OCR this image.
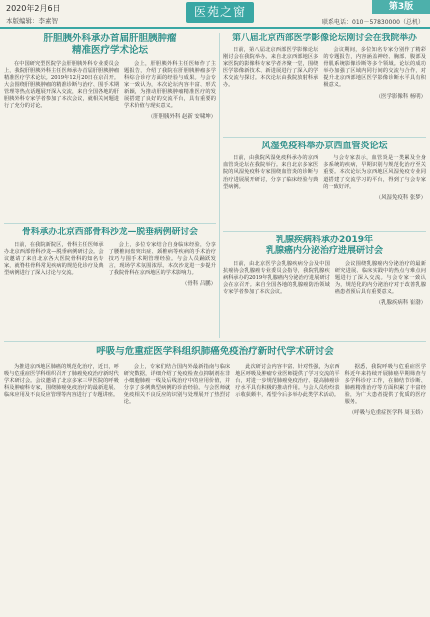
2020年2月6日
本版编辑：李素智
医苑之窗	第3版
联系电话：010－57830000（总机）
肝胆胰外科承办首届肝胆胰肿瘤
精准医疗学术论坛

在中国研究型医院学会肝胆胰外科专业委员会上，我院肝胆胰外科主任医师承办首届肝胆胰肿瘤精准医疗学术论坛。2019年12月20日在京召开。大会围绕肝胆胰肿瘤的精准诊断与治疗、围手术期管理等热点话题展开深入交流，来自全国各地的肝胆胰外科专家学者参加了本次会议，就相关问题进行了充分的讨论。

会上，肝胆胰外科主任医师作了主题报告，介绍了我院在肝胆胰肿瘤多学科综合诊疗方面的经验与成果。与会专家一致认为，本次论坛内容丰富、形式新颖，为推动肝胆胰肿瘤精准医疗的发展搭建了良好的交流平台，具有重要的学术价值与现实意义。

（肝胆胰外科 赵新 安啸坤）
第八届北京西部医学影像论坛刚讨会在我院举办

日前，第八届北京西部医学影像论坛刚讨会在我院举办。来自北京西部地区多家医院的影像科专家学者齐聚一堂，围绕医学影像新技术、新进展进行了深入的学术交流与探讨。本次论坛由我院放射科承办。

会议期间，多位知名专家分别作了精彩的专题报告，内容涵盖神经、胸部、腹部及骨肌系统影像诊断等多个领域。论坛的成功举办加强了区域内同行间的交流与合作，对提升北京西部地区医学影像诊断水平具有积极意义。

（医学影像科 杨明）
风湿免疫科举办京西血管炎论坛

日前，由我院风湿免疫科承办的京西血管炎论坛在我院举行。来自北京多家医院的风湿免疫科专家围绕血管炎的诊断与治疗进展展开研讨，分享了临床经验与典型病例。

与会专家表示，血管炎是一类累及全身多系统的疾病，早期识别与规范化治疗至关重要。本次论坛为京西地区风湿免疫专业同道搭建了交流学习的平台，得到了与会专家的一致好评。

（风湿免疫科 张梦）
骨科承办北京西部骨科沙龙—脱垂病例研讨会

日前，在我院新院区，骨科主任医师承办北京西部骨科沙龙—脱垂病例研讨会。会议邀请了来自北京各大医院骨科的知名专家，就脊柱骨科常见疾病的规范化诊疗及典型病例进行了深入讨论与交流。

会上，多位专家结合自身临床经验，分享了腰椎间盘突出症、颈椎病等疾病的手术治疗技巧与围手术期管理经验。与会人员踊跃发言，现场学术氛围浓厚。本次沙龙进一步提升了我院骨科在京西地区的学术影响力。

（骨科 吕鹏）
乳腺疾病科承办2019年
乳腺癌内分泌治疗进展研讨会

日前，由北京医学会乳腺疾病分会及中国抗癌协会乳腺癌专业委员会指导，我院乳腺疾病科承办的2019年乳腺癌内分泌治疗进展研讨会在京召开。来自全国各地的乳腺癌防治领域专家学者参加了本次会议。

会议围绕乳腺癌内分泌治疗的最新研究进展、临床实践中的热点与难点问题进行了深入交流。与会专家一致认为，规范化的内分泌治疗对于改善乳腺癌患者预后具有重要意义。

（乳腺疾病科 崔渤）
呼吸与危重症医学科组织肺癌免疫治疗新时代学术研讨会

为推进京西地区肺癌的规范化治疗，近日，呼吸与危重症医学科组织召开了肺癌免疫治疗新时代学术研讨会。会议邀请了北京多家三甲医院的呼吸科及肿瘤科专家，围绕肺癌免疫治疗的最新进展、临床应用及不良反应管理等内容进行了专题讲座。

会上，专家们结合国内外最新指南与临床研究数据，详细介绍了免疫检查点抑制剂在非小细胞肺癌一线及后线治疗中的应用价值，并分享了多例典型病例的诊治经验。与会医师就免疫相关不良反应的识别与处理展开了热烈讨论。

此次研讨会内容丰富、针对性强，为京西地区呼吸及肿瘤专业医师提供了学习交流的平台，对进一步规范肺癌免疫治疗、提高肺癌诊疗水平具有积极的推动作用。与会人员纷纷表示收获颇丰，希望今后多举办此类学术活动。

据悉，我院呼吸与危重症医学科近年来持续开展肺癌早期筛查与多学科诊疗工作，在肺结节诊断、肺癌精准治疗等方面积累了丰富经验，为广大患者提供了优质的医疗服务。

（呼吸与危重症医学科 周玉娇）
